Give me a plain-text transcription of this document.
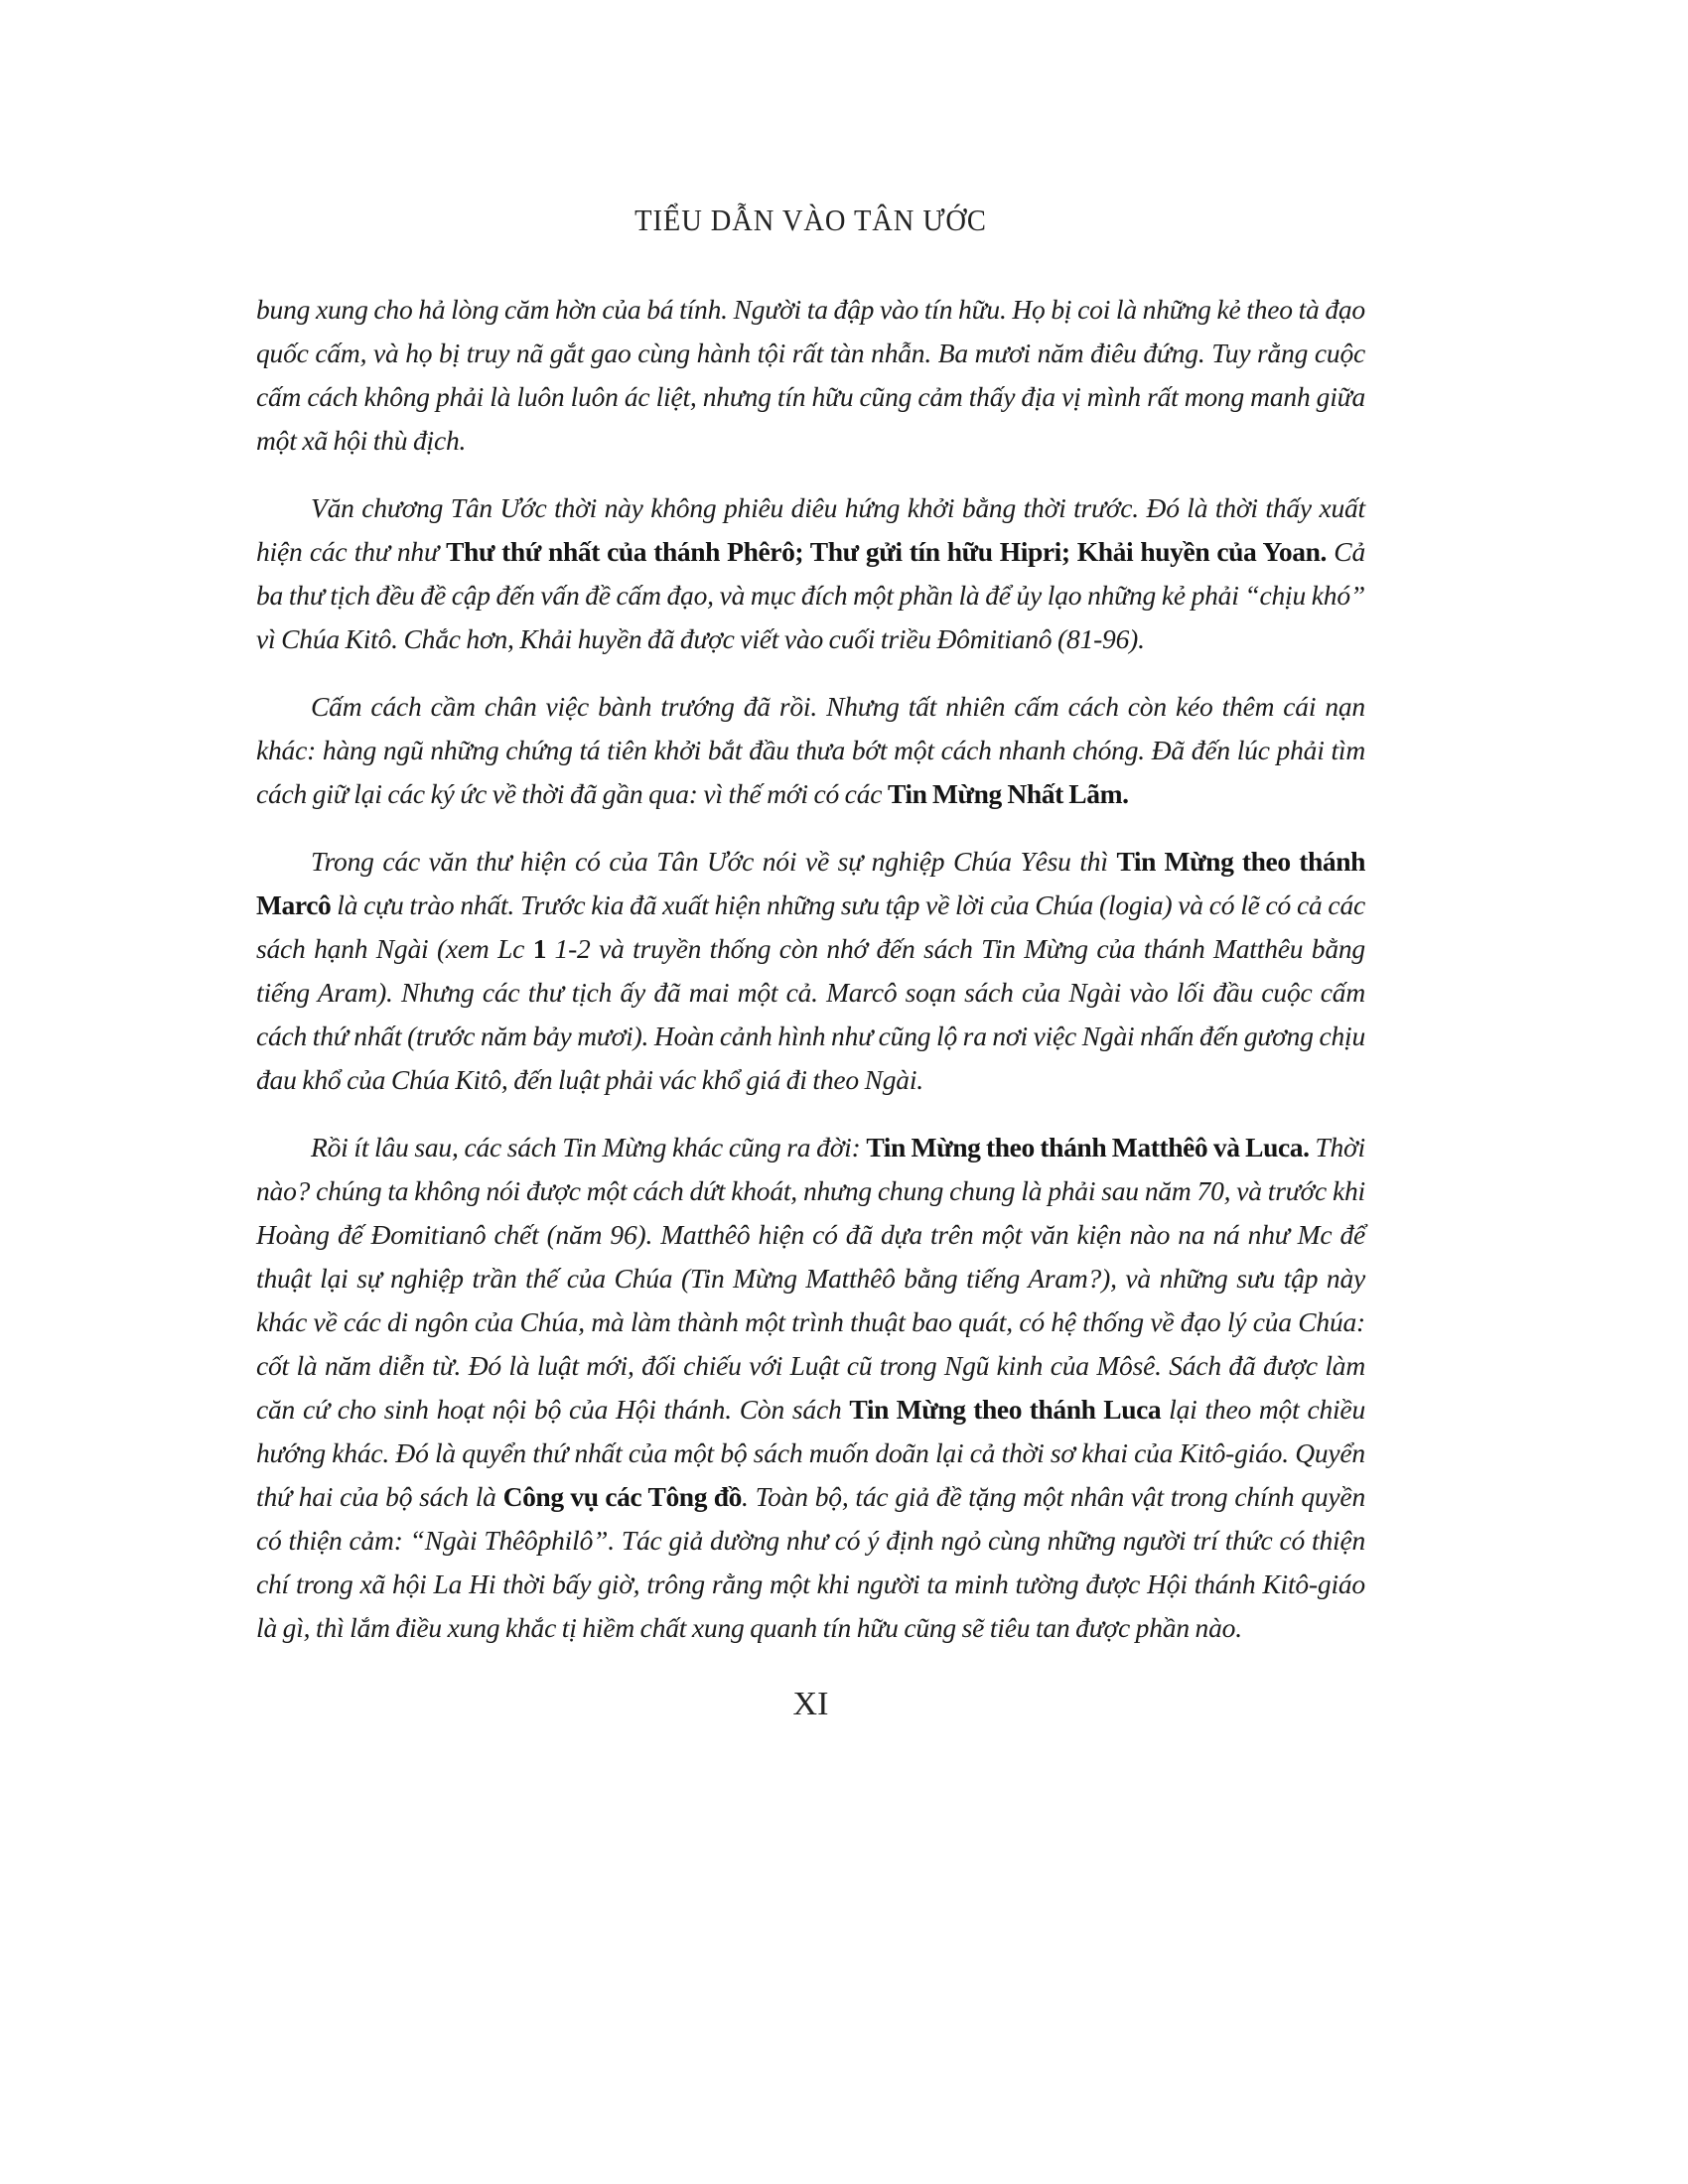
TIỂU DẪN VÀO TÂN ƯỚC

bung xung cho hả lòng căm hờn của bá tính. Người ta đập vào tín hữu. Họ bị coi là những kẻ theo tà đạo quốc cấm, và họ bị truy nã gắt gao cùng hành tội rất tàn nhẫn. Ba mươi năm điêu đứng. Tuy rằng cuộc cấm cách không phải là luôn luôn ác liệt, nhưng tín hữu cũng cảm thấy địa vị mình rất mong manh giữa một xã hội thù địch.

Văn chương Tân Ước thời này không phiêu diêu hứng khởi bằng thời trước. Đó là thời thấy xuất hiện các thư như Thư thứ nhất của thánh Phêrô; Thư gửi tín hữu Hipri; Khải huyền của Yoan. Cả ba thư tịch đều đề cập đến vấn đề cấm đạo, và mục đích một phần là để ủy lạo những kẻ phải “chịu khó” vì Chúa Kitô. Chắc hơn, Khải huyền đã được viết vào cuối triều Đômitianô (81-96).

Cấm cách cầm chân việc bành trướng đã rồi. Nhưng tất nhiên cấm cách còn kéo thêm cái nạn khác: hàng ngũ những chứng tá tiên khởi bắt đầu thưa bớt một cách nhanh chóng. Đã đến lúc phải tìm cách giữ lại các ký ức về thời đã gần qua: vì thế mới có các Tin Mừng Nhất Lãm.

Trong các văn thư hiện có của Tân Ước nói về sự nghiệp Chúa Yêsu thì Tin Mừng theo thánh Marcô là cựu trào nhất. Trước kia đã xuất hiện những sưu tập về lời của Chúa (logia) và có lẽ có cả các sách hạnh Ngài (xem Lc 1 1-2 và truyền thống còn nhớ đến sách Tin Mừng của thánh Matthêu bằng tiếng Aram). Nhưng các thư tịch ấy đã mai một cả. Marcô soạn sách của Ngài vào lối đầu cuộc cấm cách thứ nhất (trước năm bảy mươi). Hoàn cảnh hình như cũng lộ ra nơi việc Ngài nhấn đến gương chịu đau khổ của Chúa Kitô, đến luật phải vác khổ giá đi theo Ngài.

Rồi ít lâu sau, các sách Tin Mừng khác cũng ra đời: Tin Mừng theo thánh Matthêô và Luca. Thời nào? chúng ta không nói được một cách dứt khoát, nhưng chung chung là phải sau năm 70, và trước khi Hoàng đế Đomitianô chết (năm 96). Matthêô hiện có đã dựa trên một văn kiện nào na ná như Mc để thuật lại sự nghiệp trần thế của Chúa (Tin Mừng Matthêô bằng tiếng Aram?), và những sưu tập này khác về các di ngôn của Chúa, mà làm thành một trình thuật bao quát, có hệ thống về đạo lý của Chúa: cốt là năm diễn từ. Đó là luật mới, đối chiếu với Luật cũ trong Ngũ kinh của Môsê. Sách đã được làm căn cứ cho sinh hoạt nội bộ của Hội thánh. Còn sách Tin Mừng theo thánh Luca lại theo một chiều hướng khác. Đó là quyển thứ nhất của một bộ sách muốn doãn lại cả thời sơ khai của Kitô-giáo. Quyển thứ hai của bộ sách là Công vụ các Tông đồ. Toàn bộ, tác giả đề tặng một nhân vật trong chính quyền có thiện cảm: “Ngài Thêôphilô”. Tác giả dường như có ý định ngỏ cùng những người trí thức có thiện chí trong xã hội La Hi thời bấy giờ, trông rằng một khi người ta minh tường được Hội thánh Kitô-giáo là gì, thì lắm điều xung khắc tị hiềm chất xung quanh tín hữu cũng sẽ tiêu tan được phần nào.

XI
